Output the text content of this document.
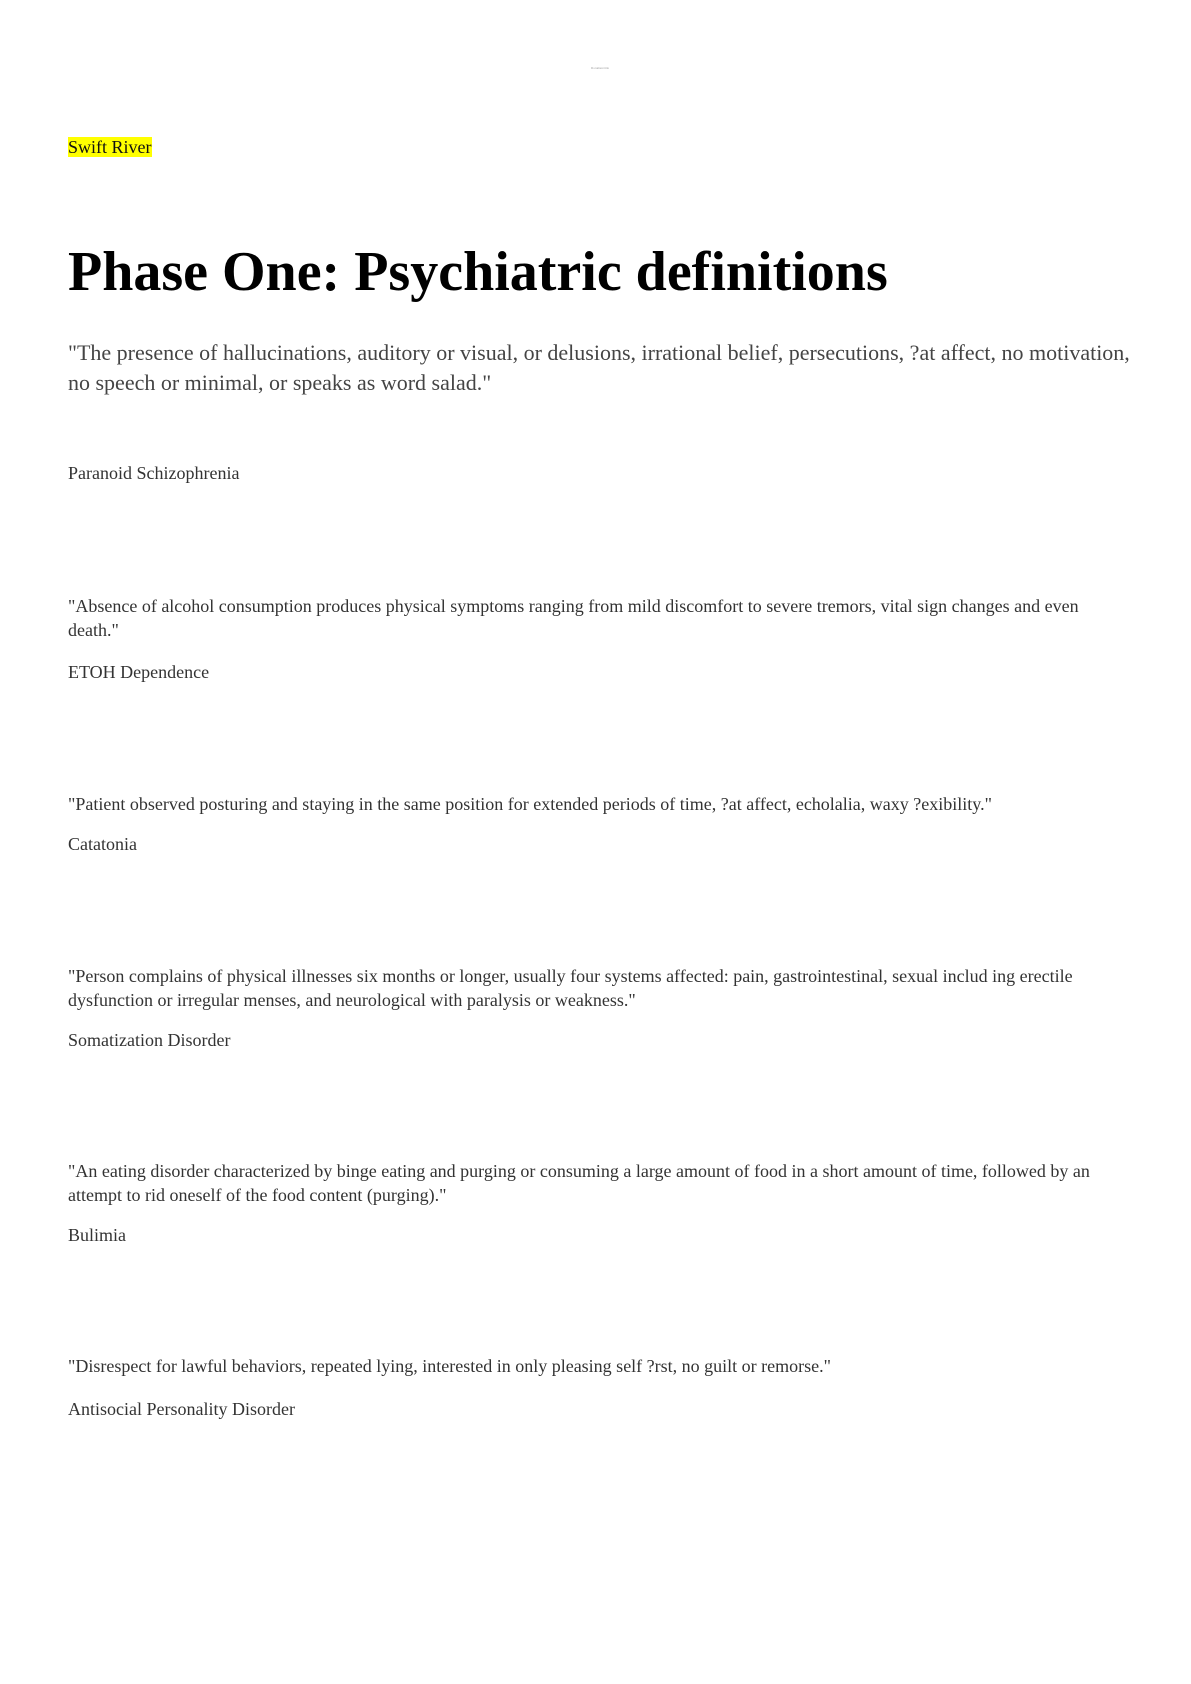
Document title
Swift River
Phase One: Psychiatric definitions

"The presence of hallucinations, auditory or visual, or delusions, irrational belief, persecutions, ?at affect, no motivation, no speech or minimal, or speaks as word salad."

Paranoid Schizophrenia

"Absence of alcohol consumption produces physical symptoms ranging from mild discomfort to severe tremors, vital sign changes and even death."

ETOH Dependence

"Patient observed posturing and staying in the same position for extended periods of time, ?at affect, echolalia, waxy ?exibility."

Catatonia

"Person complains of physical illnesses six months or longer, usually four systems affected: pain, gastrointestinal, sexual includ ing erectile dysfunction or irregular menses, and neurological with paralysis or weakness."

Somatization Disorder

"An eating disorder characterized by binge eating and purging or consuming a large amount of food in a short amount of time, followed by an attempt to rid oneself of the food content (purging)."

Bulimia

"Disrespect for lawful behaviors, repeated lying, interested in only pleasing self ?rst, no guilt or remorse."

Antisocial Personality Disorder
